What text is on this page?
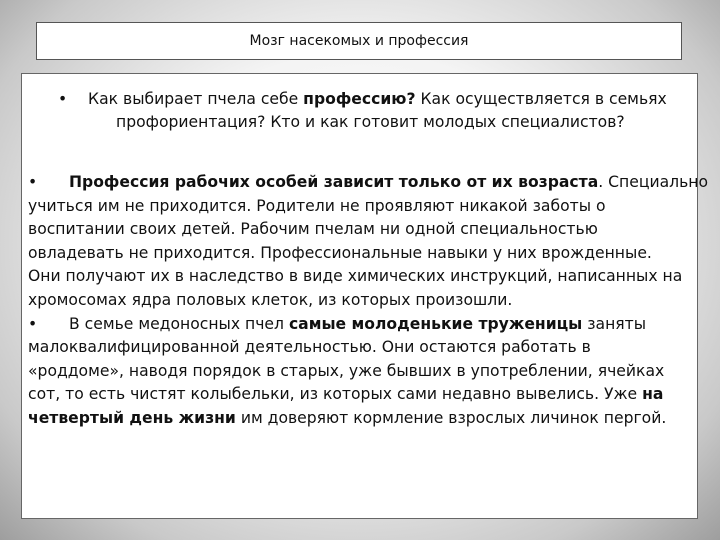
Мозг насекомых и профессия
• Как выбирает пчела себе профессию? Как осуществляется в семьях
профориентация? Кто и как готовит молодых специалистов?
• Профессия рабочих особей зависит только от их возраста. Специально
учиться им не приходится. Родители не проявляют никакой заботы о
воспитании своих детей. Рабочим пчелам ни одной специальностью
овладевать не приходится. Профессиональные навыки у них врожденные.
Они получают их в наследство в виде химических инструкций, написанных на
хромосомах ядра половых клеток, из которых произошли.
• В семье медоносных пчел самые молоденькие труженицы заняты
малоквалифицированной деятельностью. Они остаются работать в
«роддоме», наводя порядок в старых, уже бывших в употреблении, ячейках
сот, то есть чистят колыбельки, из которых сами недавно вывелись. Уже на
четвертый день жизни им доверяют кормление взрослых личинок пергой.
